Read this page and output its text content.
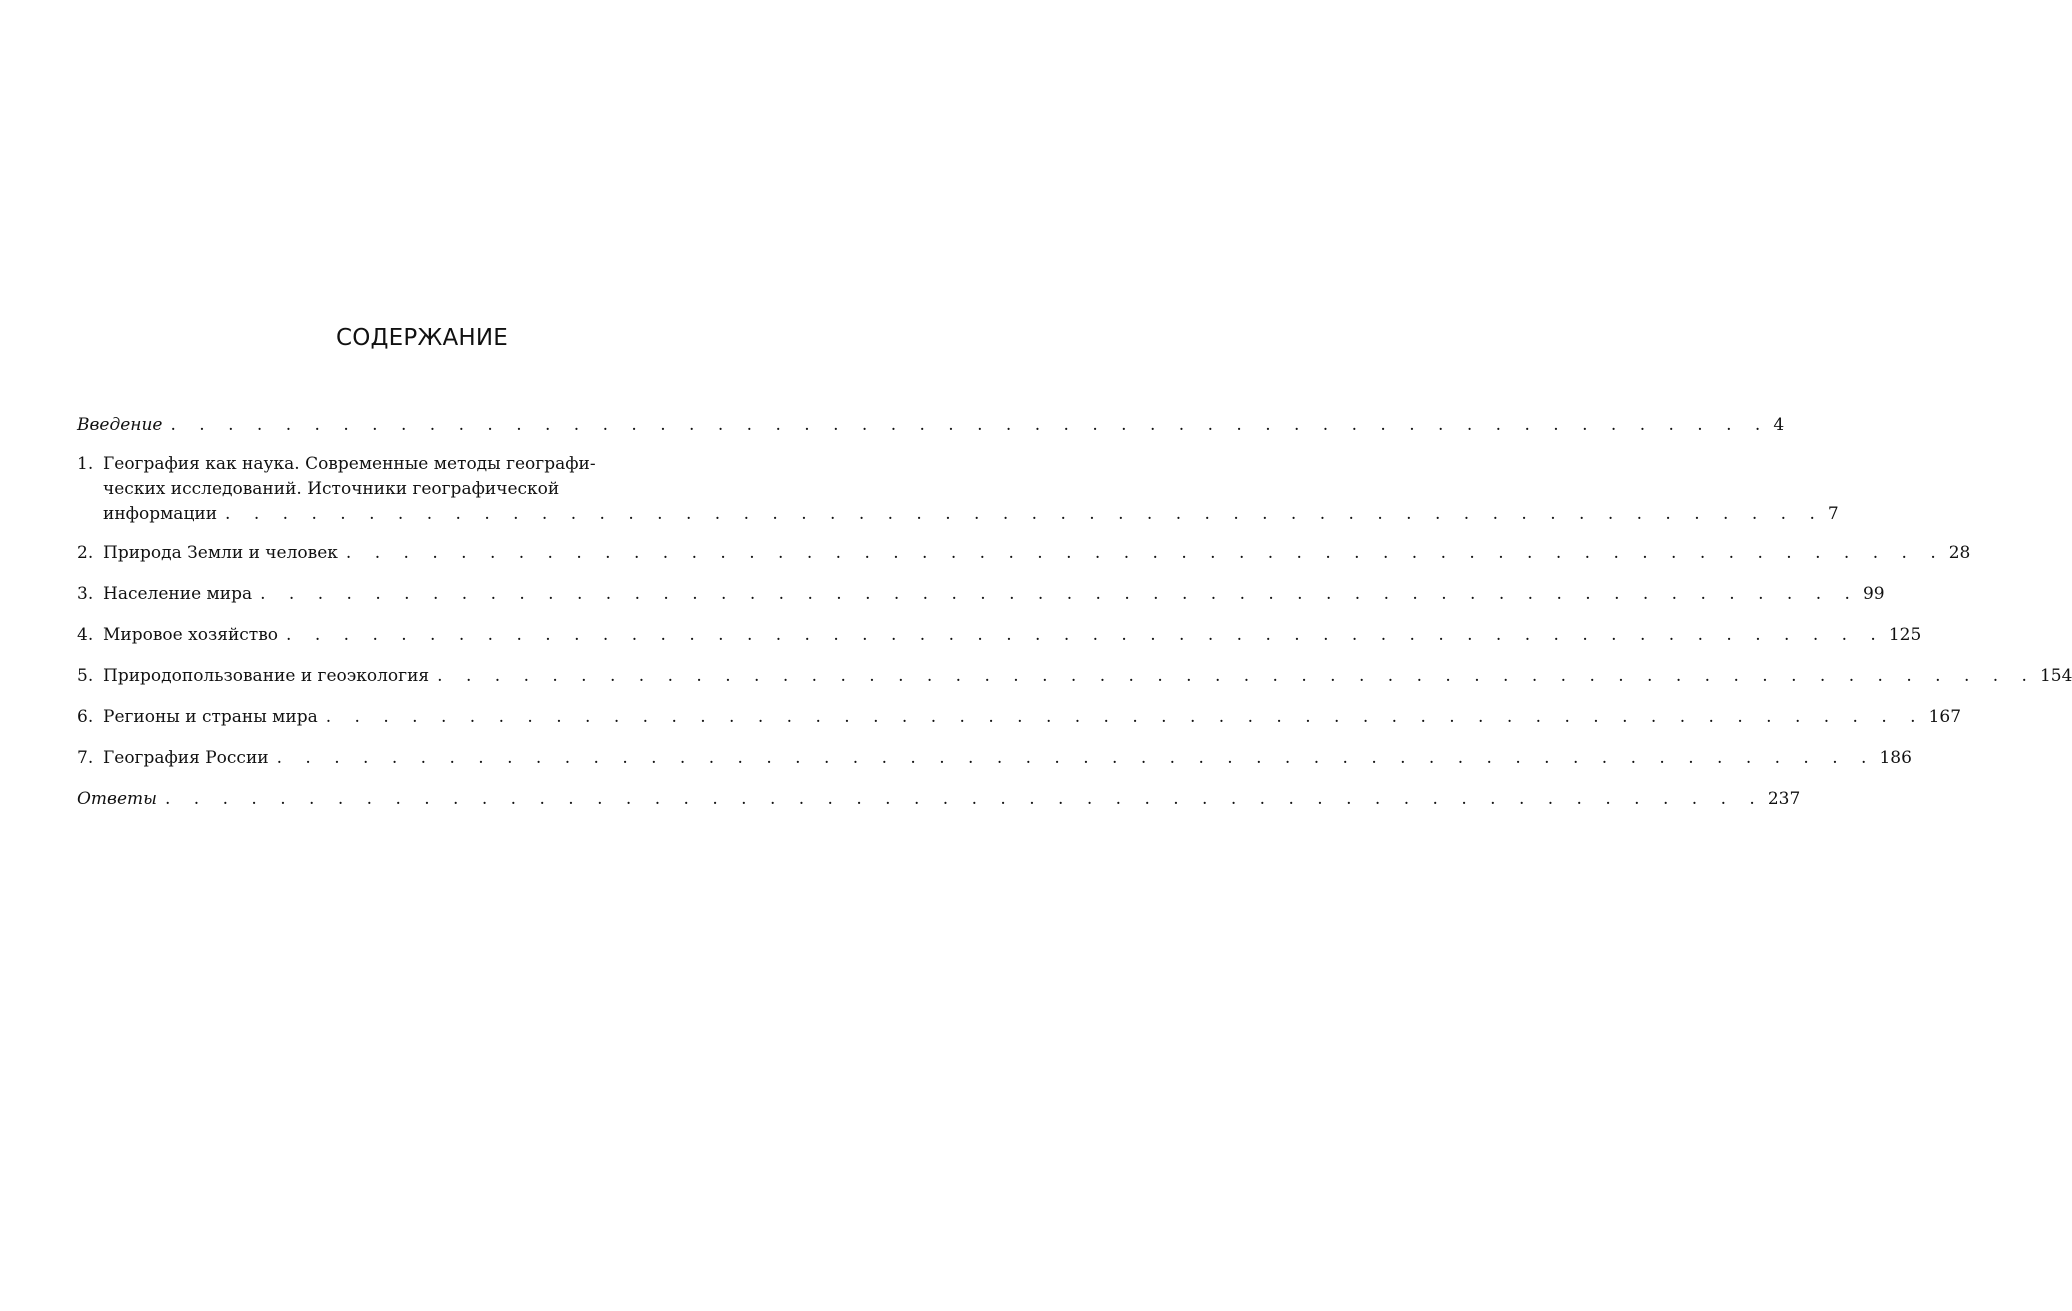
СОДЕРЖАНИЕ
Введение . . . . . . . . . . . . . . . . . . . . . . . . . . . . . . . . . . . . . . . . . . . . . . . . . . . . . . . . 4
1. География как наука. Современные методы географи-
ческих исследований. Источники географической
информации . . . . . . . . . . . . . . . . . . . . . . . . . . . . . . . . . . . . . . . . . . . . . . . . . . . . . . . . 7
2. Природа Земли и человек . . . . . . . . . . . . . . . . . . . . . . . . . . . . . . . . . . . . . . . . . . . . . . . . . . . . . . . . 28
3. Население мира . . . . . . . . . . . . . . . . . . . . . . . . . . . . . . . . . . . . . . . . . . . . . . . . . . . . . . . . 99
4. Мировое хозяйство . . . . . . . . . . . . . . . . . . . . . . . . . . . . . . . . . . . . . . . . . . . . . . . . . . . . . . . . 125
5. Природопользование и геоэкология . . . . . . . . . . . . . . . . . . . . . . . . . . . . . . . . . . . . . . . . . . . . . . . . . . . . . . . . 154
6. Регионы и страны мира . . . . . . . . . . . . . . . . . . . . . . . . . . . . . . . . . . . . . . . . . . . . . . . . . . . . . . . . 167
7. География России . . . . . . . . . . . . . . . . . . . . . . . . . . . . . . . . . . . . . . . . . . . . . . . . . . . . . . . . 186
Ответы . . . . . . . . . . . . . . . . . . . . . . . . . . . . . . . . . . . . . . . . . . . . . . . . . . . . . . . . 237
